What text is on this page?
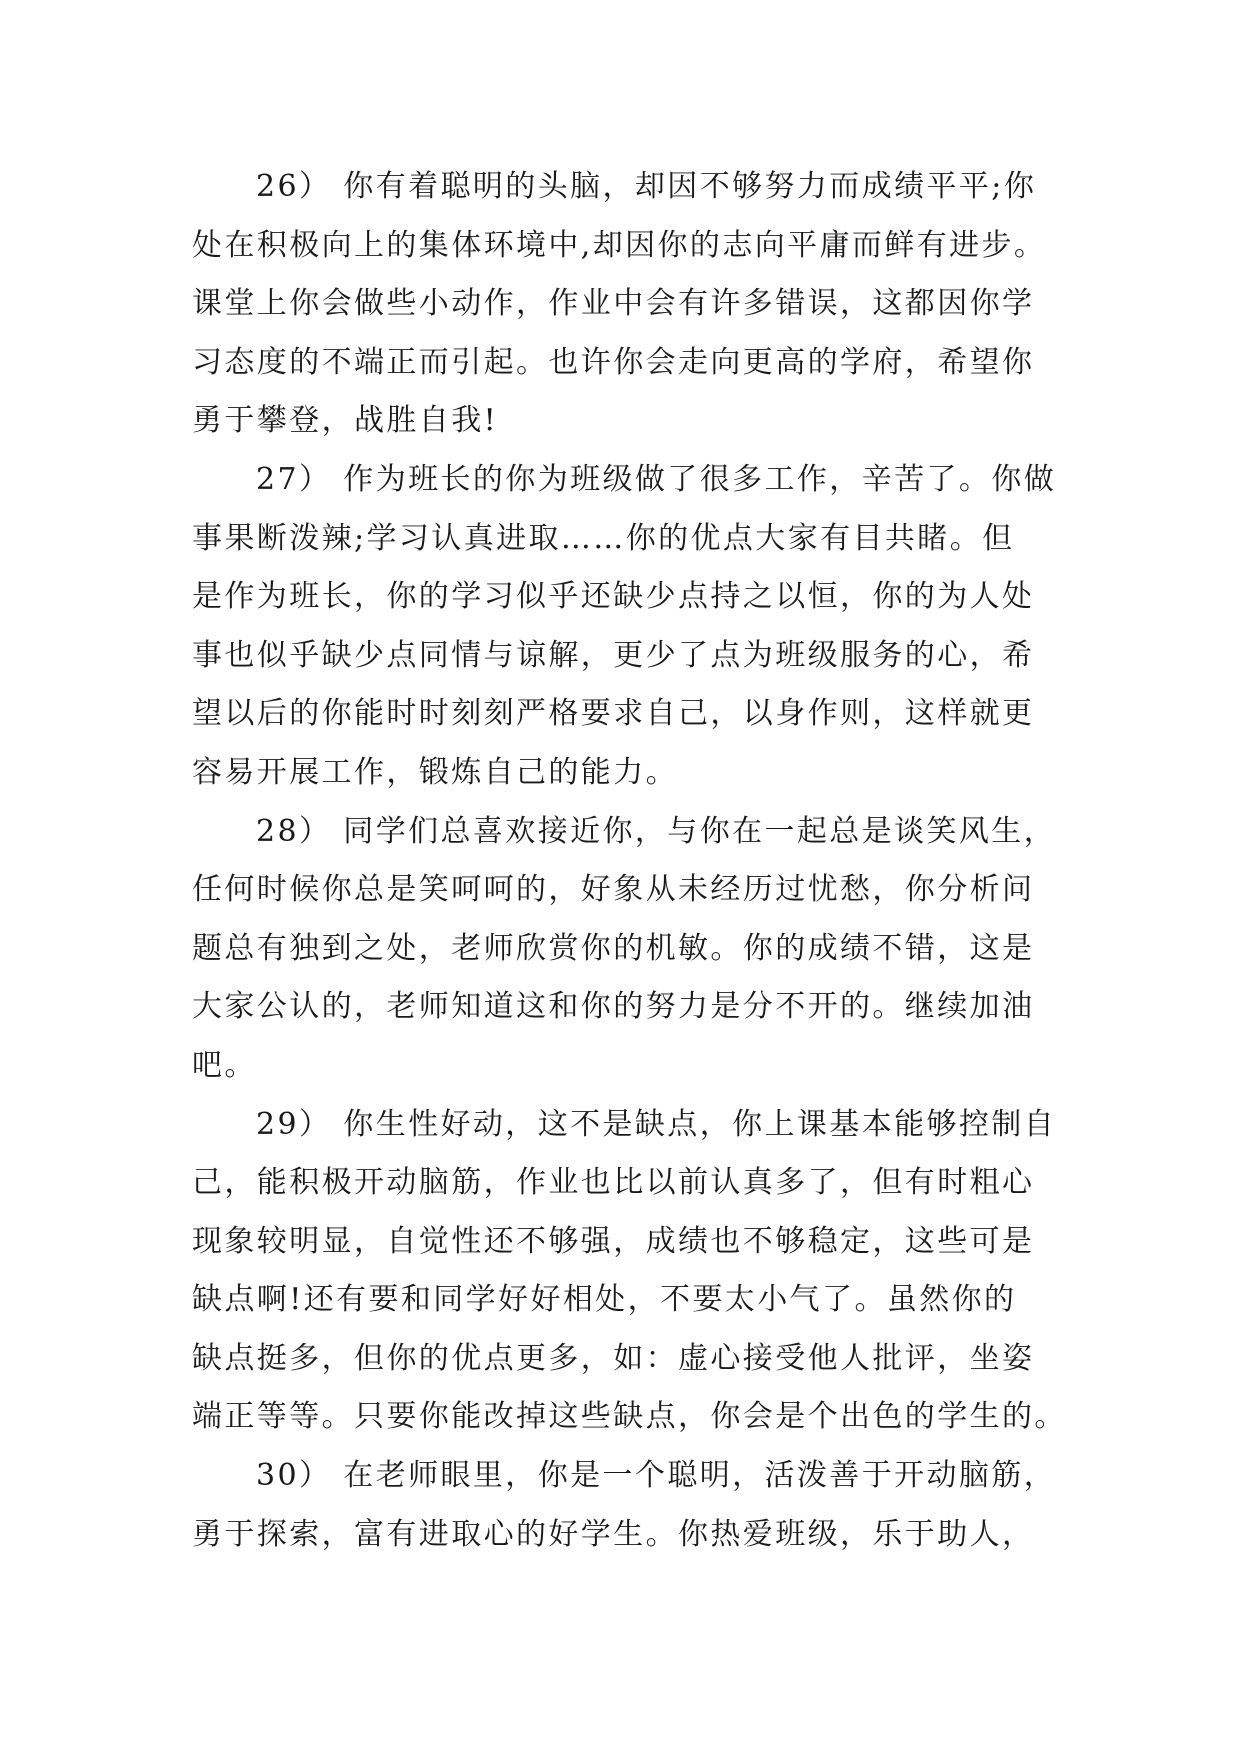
26） 你有着聪明的头脑，却因不够努力而成绩平平;你
处在积极向上的集体环境中,却因你的志向平庸而鲜有进步。
课堂上你会做些小动作，作业中会有许多错误，这都因你学
习态度的不端正而引起。也许你会走向更高的学府，希望你
勇于攀登，战胜自我!
27） 作为班长的你为班级做了很多工作，辛苦了。你做
事果断泼辣;学习认真进取……你的优点大家有目共睹。但
是作为班长，你的学习似乎还缺少点持之以恒，你的为人处
事也似乎缺少点同情与谅解，更少了点为班级服务的心，希
望以后的你能时时刻刻严格要求自己，以身作则，这样就更
容易开展工作，锻炼自己的能力。
28） 同学们总喜欢接近你，与你在一起总是谈笑风生，
任何时候你总是笑呵呵的，好象从未经历过忧愁，你分析问
题总有独到之处，老师欣赏你的机敏。你的成绩不错，这是
大家公认的，老师知道这和你的努力是分不开的。继续加油
吧。
29） 你生性好动，这不是缺点，你上课基本能够控制自
己，能积极开动脑筋，作业也比以前认真多了，但有时粗心
现象较明显，自觉性还不够强，成绩也不够稳定，这些可是
缺点啊!还有要和同学好好相处，不要太小气了。虽然你的
缺点挺多，但你的优点更多，如：虚心接受他人批评，坐姿
端正等等。只要你能改掉这些缺点，你会是个出色的学生的。
30） 在老师眼里，你是一个聪明，活泼善于开动脑筋，
勇于探索，富有进取心的好学生。你热爱班级，乐于助人，
